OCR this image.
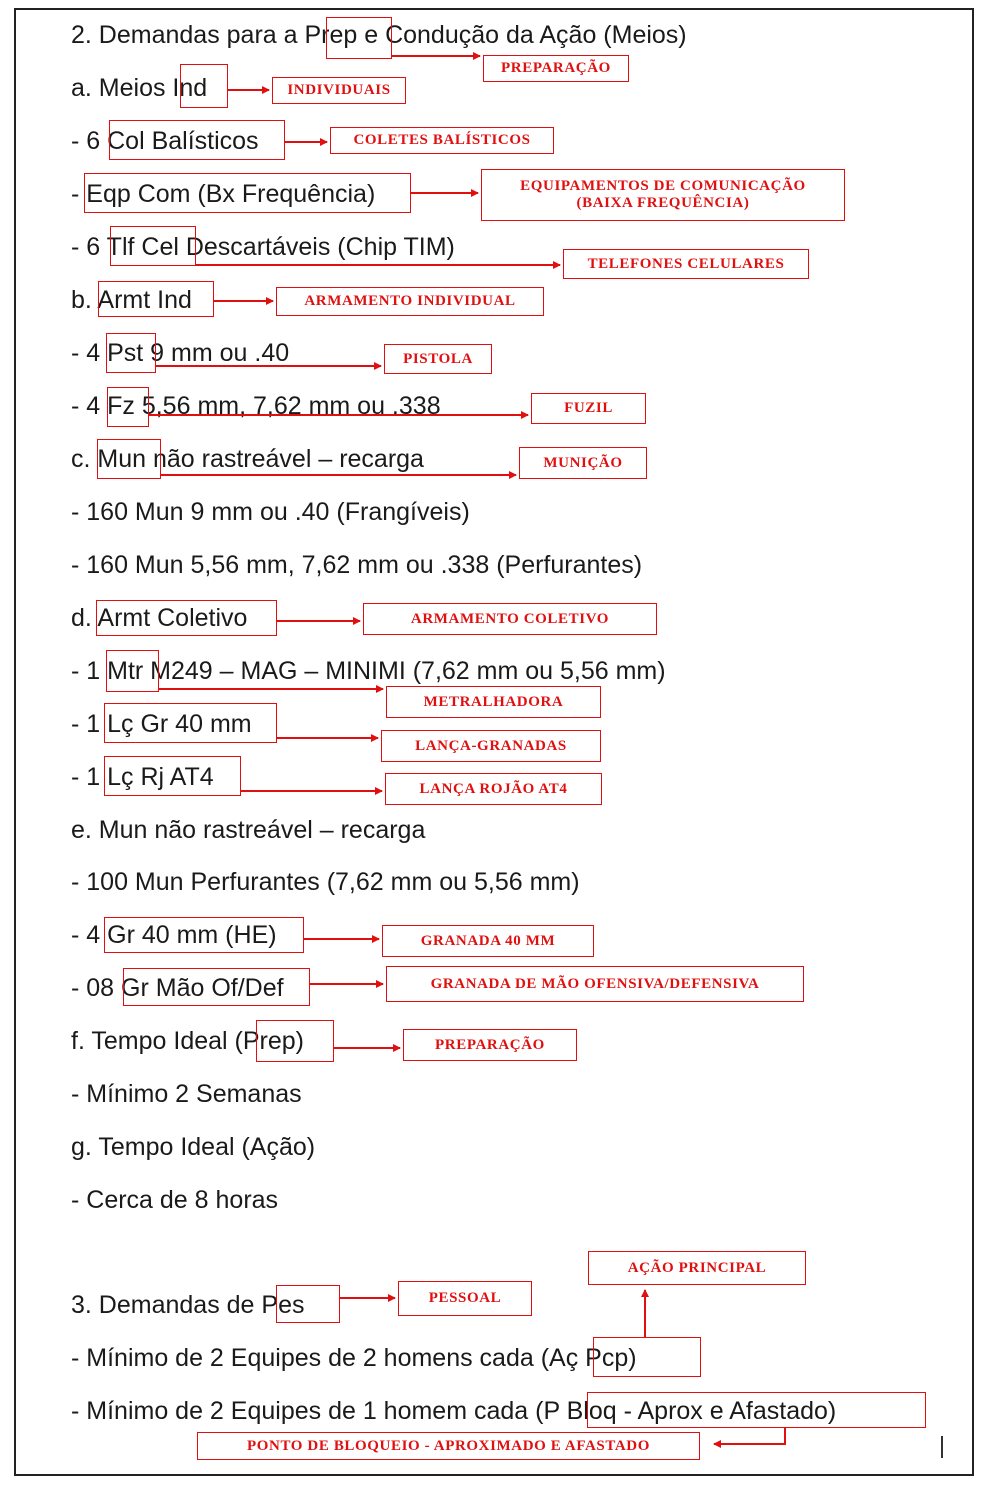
2. Demandas para a Prep e Condução da Ação (Meios)
a. Meios Ind
- 6 Col Balísticos
- Eqp Com (Bx Frequência)
- 6 Tlf Cel Descartáveis (Chip TIM)
b. Armt Ind
- 4 Pst 9 mm ou .40
- 4 Fz 5,56 mm, 7,62 mm ou .338
c. Mun não rastreável – recarga
- 160 Mun 9 mm ou .40 (Frangíveis)
- 160 Mun 5,56 mm, 7,62 mm ou .338 (Perfurantes)
d. Armt Coletivo
- 1 Mtr M249 – MAG – MINIMI (7,62 mm ou 5,56 mm)
- 1 Lç Gr 40 mm
- 1 Lç Rj AT4
e. Mun não rastreável – recarga
- 100 Mun Perfurantes (7,62 mm ou 5,56 mm)
- 4 Gr 40 mm (HE)
- 08 Gr Mão Of/Def
f. Tempo Ideal (Prep)
- Mínimo 2 Semanas
g. Tempo Ideal (Ação)
- Cerca de 8 horas
3. Demandas de Pes
- Mínimo de 2 Equipes de 2 homens cada (Aç Pcp)
- Mínimo de 2 Equipes de 1 homem cada (P Bloq - Aprox e Afastado)
PREPARAÇÃO
INDIVIDUAIS
COLETES BALÍSTICOS
EQUIPAMENTOS DE COMUNICAÇÃO
(BAIXA FREQUÊNCIA)
TELEFONES CELULARES
ARMAMENTO INDIVIDUAL
PISTOLA
FUZIL
MUNIÇÃO
ARMAMENTO COLETIVO
METRALHADORA
LANÇA-GRANADAS
LANÇA ROJÃO AT4
GRANADA 40 MM
GRANADA DE MÃO OFENSIVA/DEFENSIVA
PREPARAÇÃO
AÇÃO PRINCIPAL
PESSOAL
PONTO DE BLOQUEIO - APROXIMADO E AFASTADO
